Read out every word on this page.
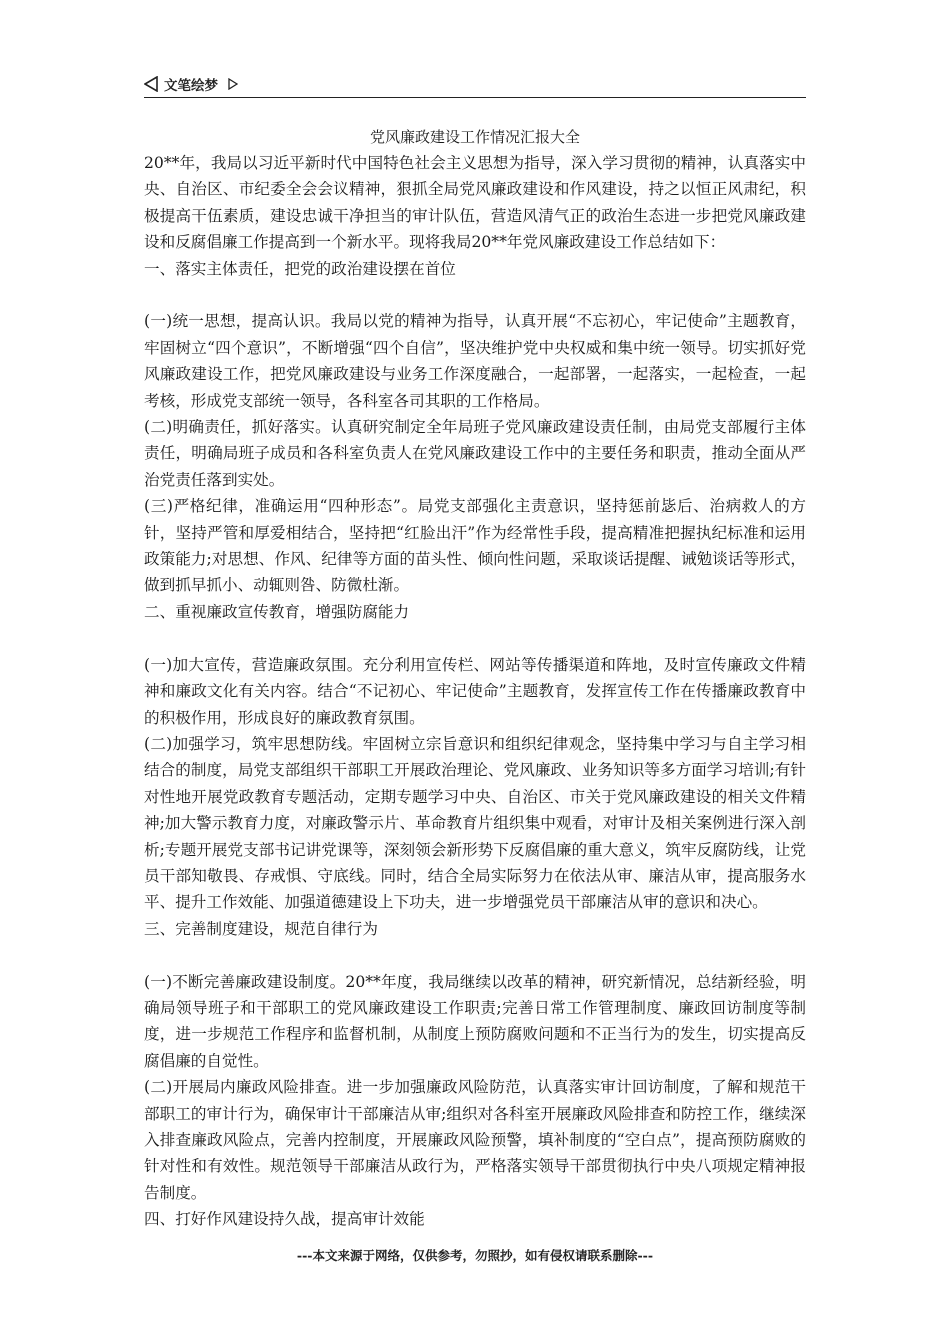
文笔绘梦
党风廉政建设工作情况汇报大全

20**年，我局以习近平新时代中国特色社会主义思想为指导，深入学习贯彻的精神，认真落实中央、自治区、市纪委全会会议精神，狠抓全局党风廉政建设和作风建设，持之以恒正风肃纪，积极提高干伍素质，建设忠诚干净担当的审计队伍，营造风清气正的政治生态进一步把党风廉政建设和反腐倡廉工作提高到一个新水平。现将我局20**年党风廉政建设工作总结如下：

一、落实主体责任，把党的政治建设摆在首位

(一)统一思想，提高认识。我局以党的精神为指导，认真开展“不忘初心，牢记使命”主题教育，牢固树立“四个意识”，不断增强“四个自信”，坚决维护党中央权威和集中统一领导。切实抓好党风廉政建设工作，把党风廉政建设与业务工作深度融合，一起部署，一起落实，一起检查，一起考核，形成党支部统一领导，各科室各司其职的工作格局。

(二)明确责任，抓好落实。认真研究制定全年局班子党风廉政建设责任制，由局党支部履行主体责任，明确局班子成员和各科室负责人在党风廉政建设工作中的主要任务和职责，推动全面从严治党责任落到实处。

(三)严格纪律，准确运用“四种形态”。局党支部强化主责意识，坚持惩前毖后、治病救人的方针，坚持严管和厚爱相结合，坚持把“红脸出汗”作为经常性手段，提高精准把握执纪标准和运用政策能力;对思想、作风、纪律等方面的苗头性、倾向性问题，采取谈话提醒、诫勉谈话等形式，做到抓早抓小、动辄则咎、防微杜渐。

二、重视廉政宣传教育，增强防腐能力

(一)加大宣传，营造廉政氛围。充分利用宣传栏、网站等传播渠道和阵地，及时宣传廉政文件精神和廉政文化有关内容。结合“不记初心、牢记使命”主题教育，发挥宣传工作在传播廉政教育中的积极作用，形成良好的廉政教育氛围。

(二)加强学习，筑牢思想防线。牢固树立宗旨意识和组织纪律观念，坚持集中学习与自主学习相结合的制度，局党支部组织干部职工开展政治理论、党风廉政、业务知识等多方面学习培训;有针对性地开展党政教育专题活动，定期专题学习中央、自治区、市关于党风廉政建设的相关文件精神;加大警示教育力度，对廉政警示片、革命教育片组织集中观看，对审计及相关案例进行深入剖析;专题开展党支部书记讲党课等，深刻领会新形势下反腐倡廉的重大意义，筑牢反腐防线，让党员干部知敬畏、存戒惧、守底线。同时，结合全局实际努力在依法从审、廉洁从审，提高服务水平、提升工作效能、加强道德建设上下功夫，进一步增强党员干部廉洁从审的意识和决心。

三、完善制度建设，规范自律行为

(一)不断完善廉政建设制度。20**年度，我局继续以改革的精神，研究新情况，总结新经验，明确局领导班子和干部职工的党风廉政建设工作职责;完善日常工作管理制度、廉政回访制度等制度，进一步规范工作程序和监督机制，从制度上预防腐败问题和不正当行为的发生，切实提高反腐倡廉的自觉性。

(二)开展局内廉政风险排查。进一步加强廉政风险防范，认真落实审计回访制度，了解和规范干部职工的审计行为，确保审计干部廉洁从审;组织对各科室开展廉政风险排查和防控工作，继续深入排查廉政风险点，完善内控制度，开展廉政风险预警，填补制度的“空白点”，提高预防腐败的针对性和有效性。规范领导干部廉洁从政行为，严格落实领导干部贯彻执行中央八项规定精神报告制度。

四、打好作风建设持久战，提高审计效能

---本文来源于网络，仅供参考，勿照抄，如有侵权请联系删除---
